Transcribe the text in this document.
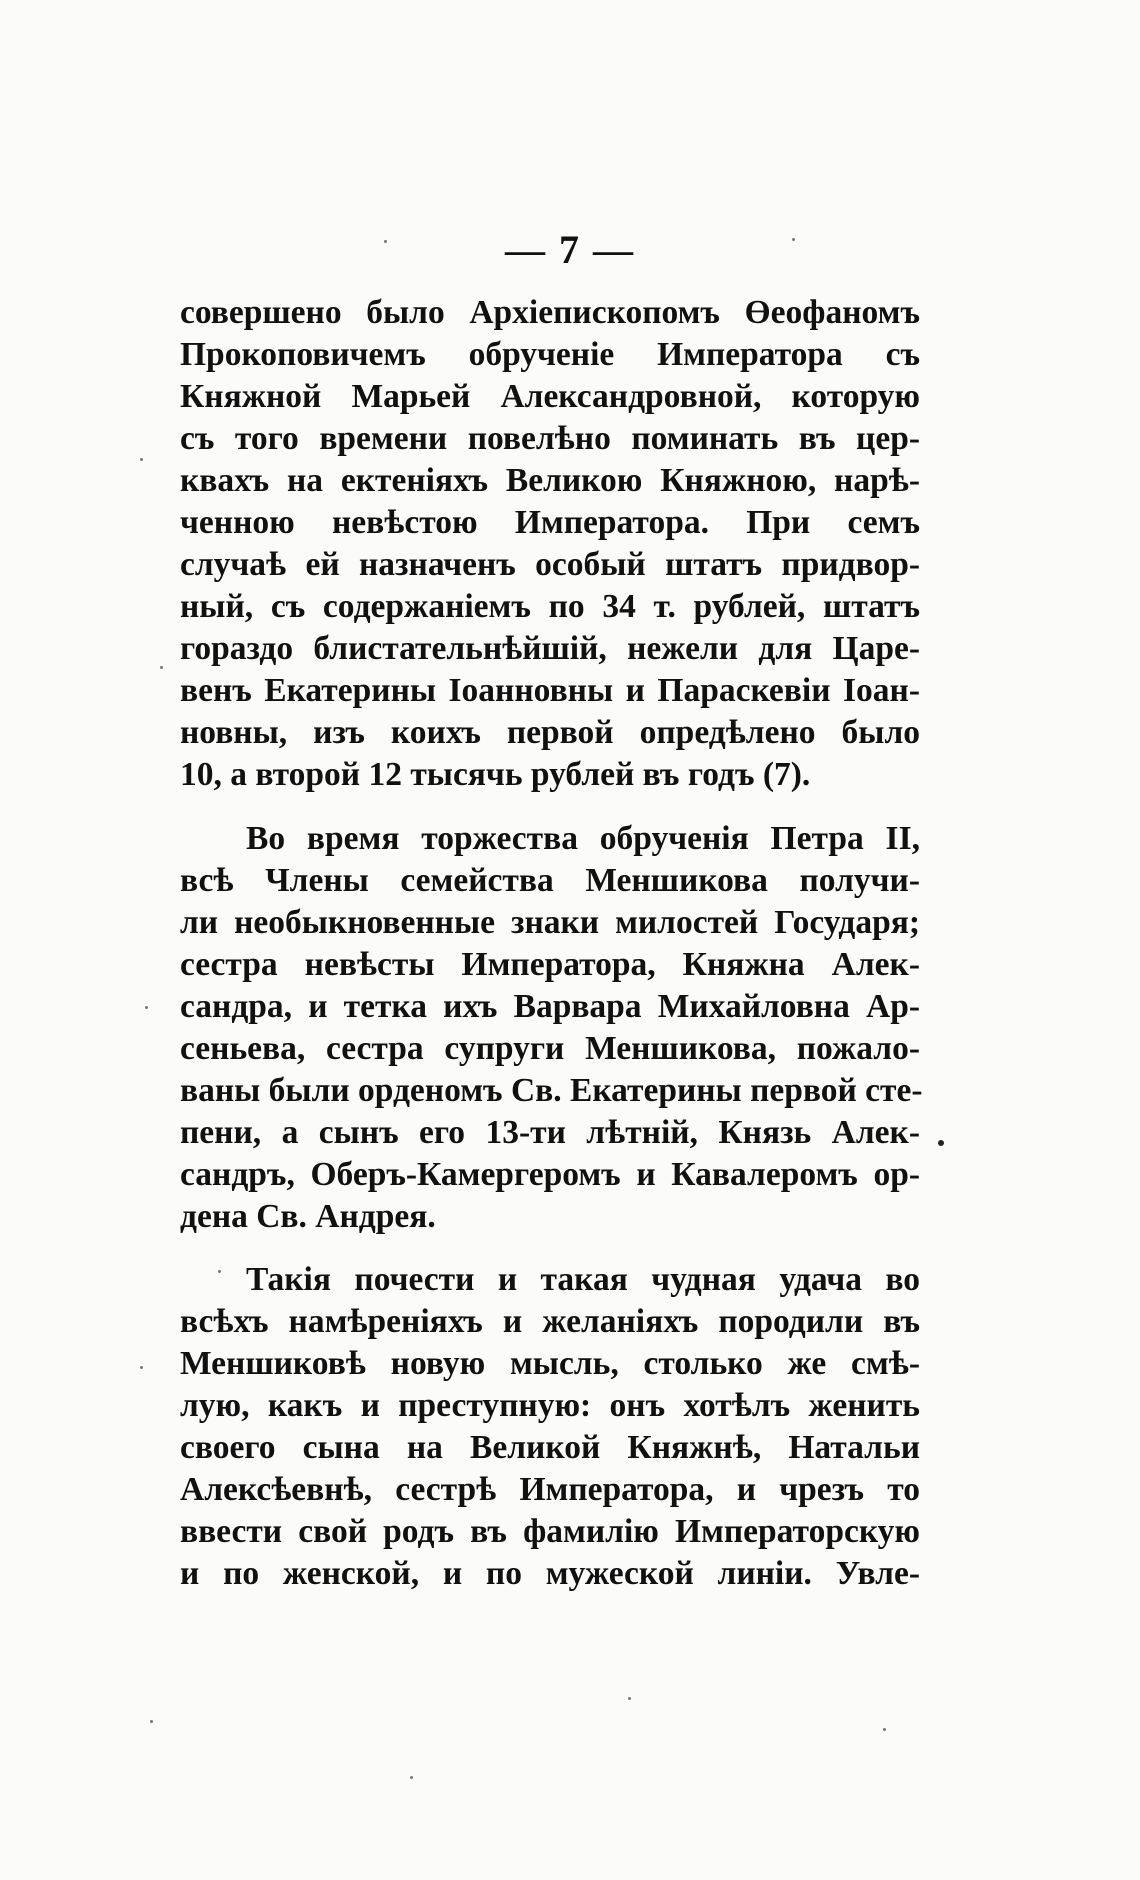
— 7 —
совершено было Архіепископомъ Өеофаномъ
Прокоповичемъ обрученіе Императора съ
Княжной Марьей Александровной, которую
съ того времени повелѣно поминать въ цер-
квахъ на ектеніяхъ Великою Княжною, нарѣ-
ченною невѣстою Императора. При семъ
случаѣ ей назначенъ особый штатъ придвор-
ный, съ содержаніемъ по 34 т. рублей, штатъ
гораздо блистательнѣйшій, нежели для Царе-
венъ Екатерины Іоанновны и Параскевіи Іоан-
новны, изъ коихъ первой опредѣлено было
10, а второй 12 тысячь рублей въ годъ (7).
Во время торжества обрученія Петра II,
всѣ Члены семейства Меншикова получи-
ли необыкновенные знаки милостей Государя;
сестра невѣсты Императора, Княжна Алек-
сандра, и тетка ихъ Варвара Михайловна Ар-
сеньева, сестра супруги Меншикова, пожало-
ваны были орденомъ Св. Екатерины первой сте-
пени, а сынъ его 13-ти лѣтній, Князь Алек-
сандръ, Оберъ-Камергеромъ и Кавалеромъ ор-
дена Св. Андрея.
Такія почести и такая чудная удача во
всѣхъ намѣреніяхъ и желаніяхъ породили въ
Меншиковѣ новую мысль, столько же смѣ-
лую, какъ и преступную: онъ хотѣлъ женить
своего сына на Великой Княжнѣ, Натальи
Алексѣевнѣ, сестрѣ Императора, и чрезъ то
ввести свой родъ въ фамилію Императорскую
и по женской, и по мужеской линіи. Увле-
